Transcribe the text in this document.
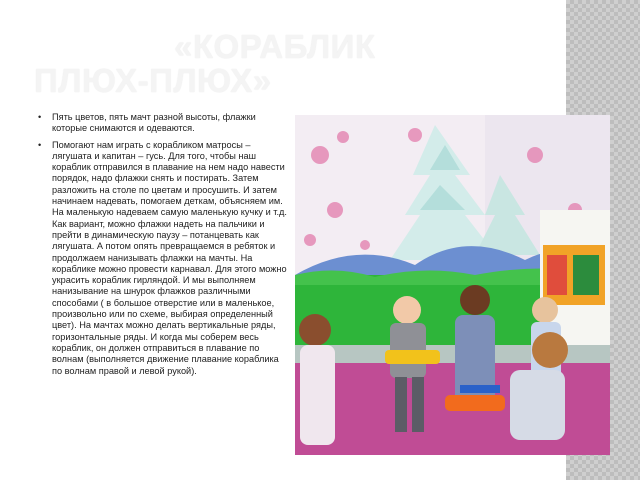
«КОРАБЛИК
ПЛЮХ-ПЛЮХ»
• Пять цветов, пять мачт разной высоты, флажки которые снимаются и одеваются.
• Помогают нам играть с корабликом матросы – лягушата и капитан – гусь. Для того, чтобы наш кораблик отправился в плавание на нем надо навести порядок, надо флажки снять и постирать. Затем разложить на столе по цветам и просушить. И затем начинаем надевать, помогаем деткам, объясняем им. На маленькую надеваем самую маленькую кучку и т.д. Как вариант, можно флажки надеть на пальчики и прейти в динамическую паузу – потанцевать как лягушата. А потом опять превращаемся в ребяток и продолжаем нанизывать флажки на мачты. На кораблике можно провести карнавал. Для этого можно украсить кораблик гирляндой. И мы выполняем нанизывание на шнурок флажков различными способами ( в большое отверстие или в маленькое, произвольно или по схеме, выбирая определенный цвет). На мачтах можно делать вертикальные ряды, горизонтальные ряды. И когда мы соберем весь кораблик, он должен отправиться в плавание по волнам (выполняется движение плавание кораблика по волнам правой и левой рукой).
